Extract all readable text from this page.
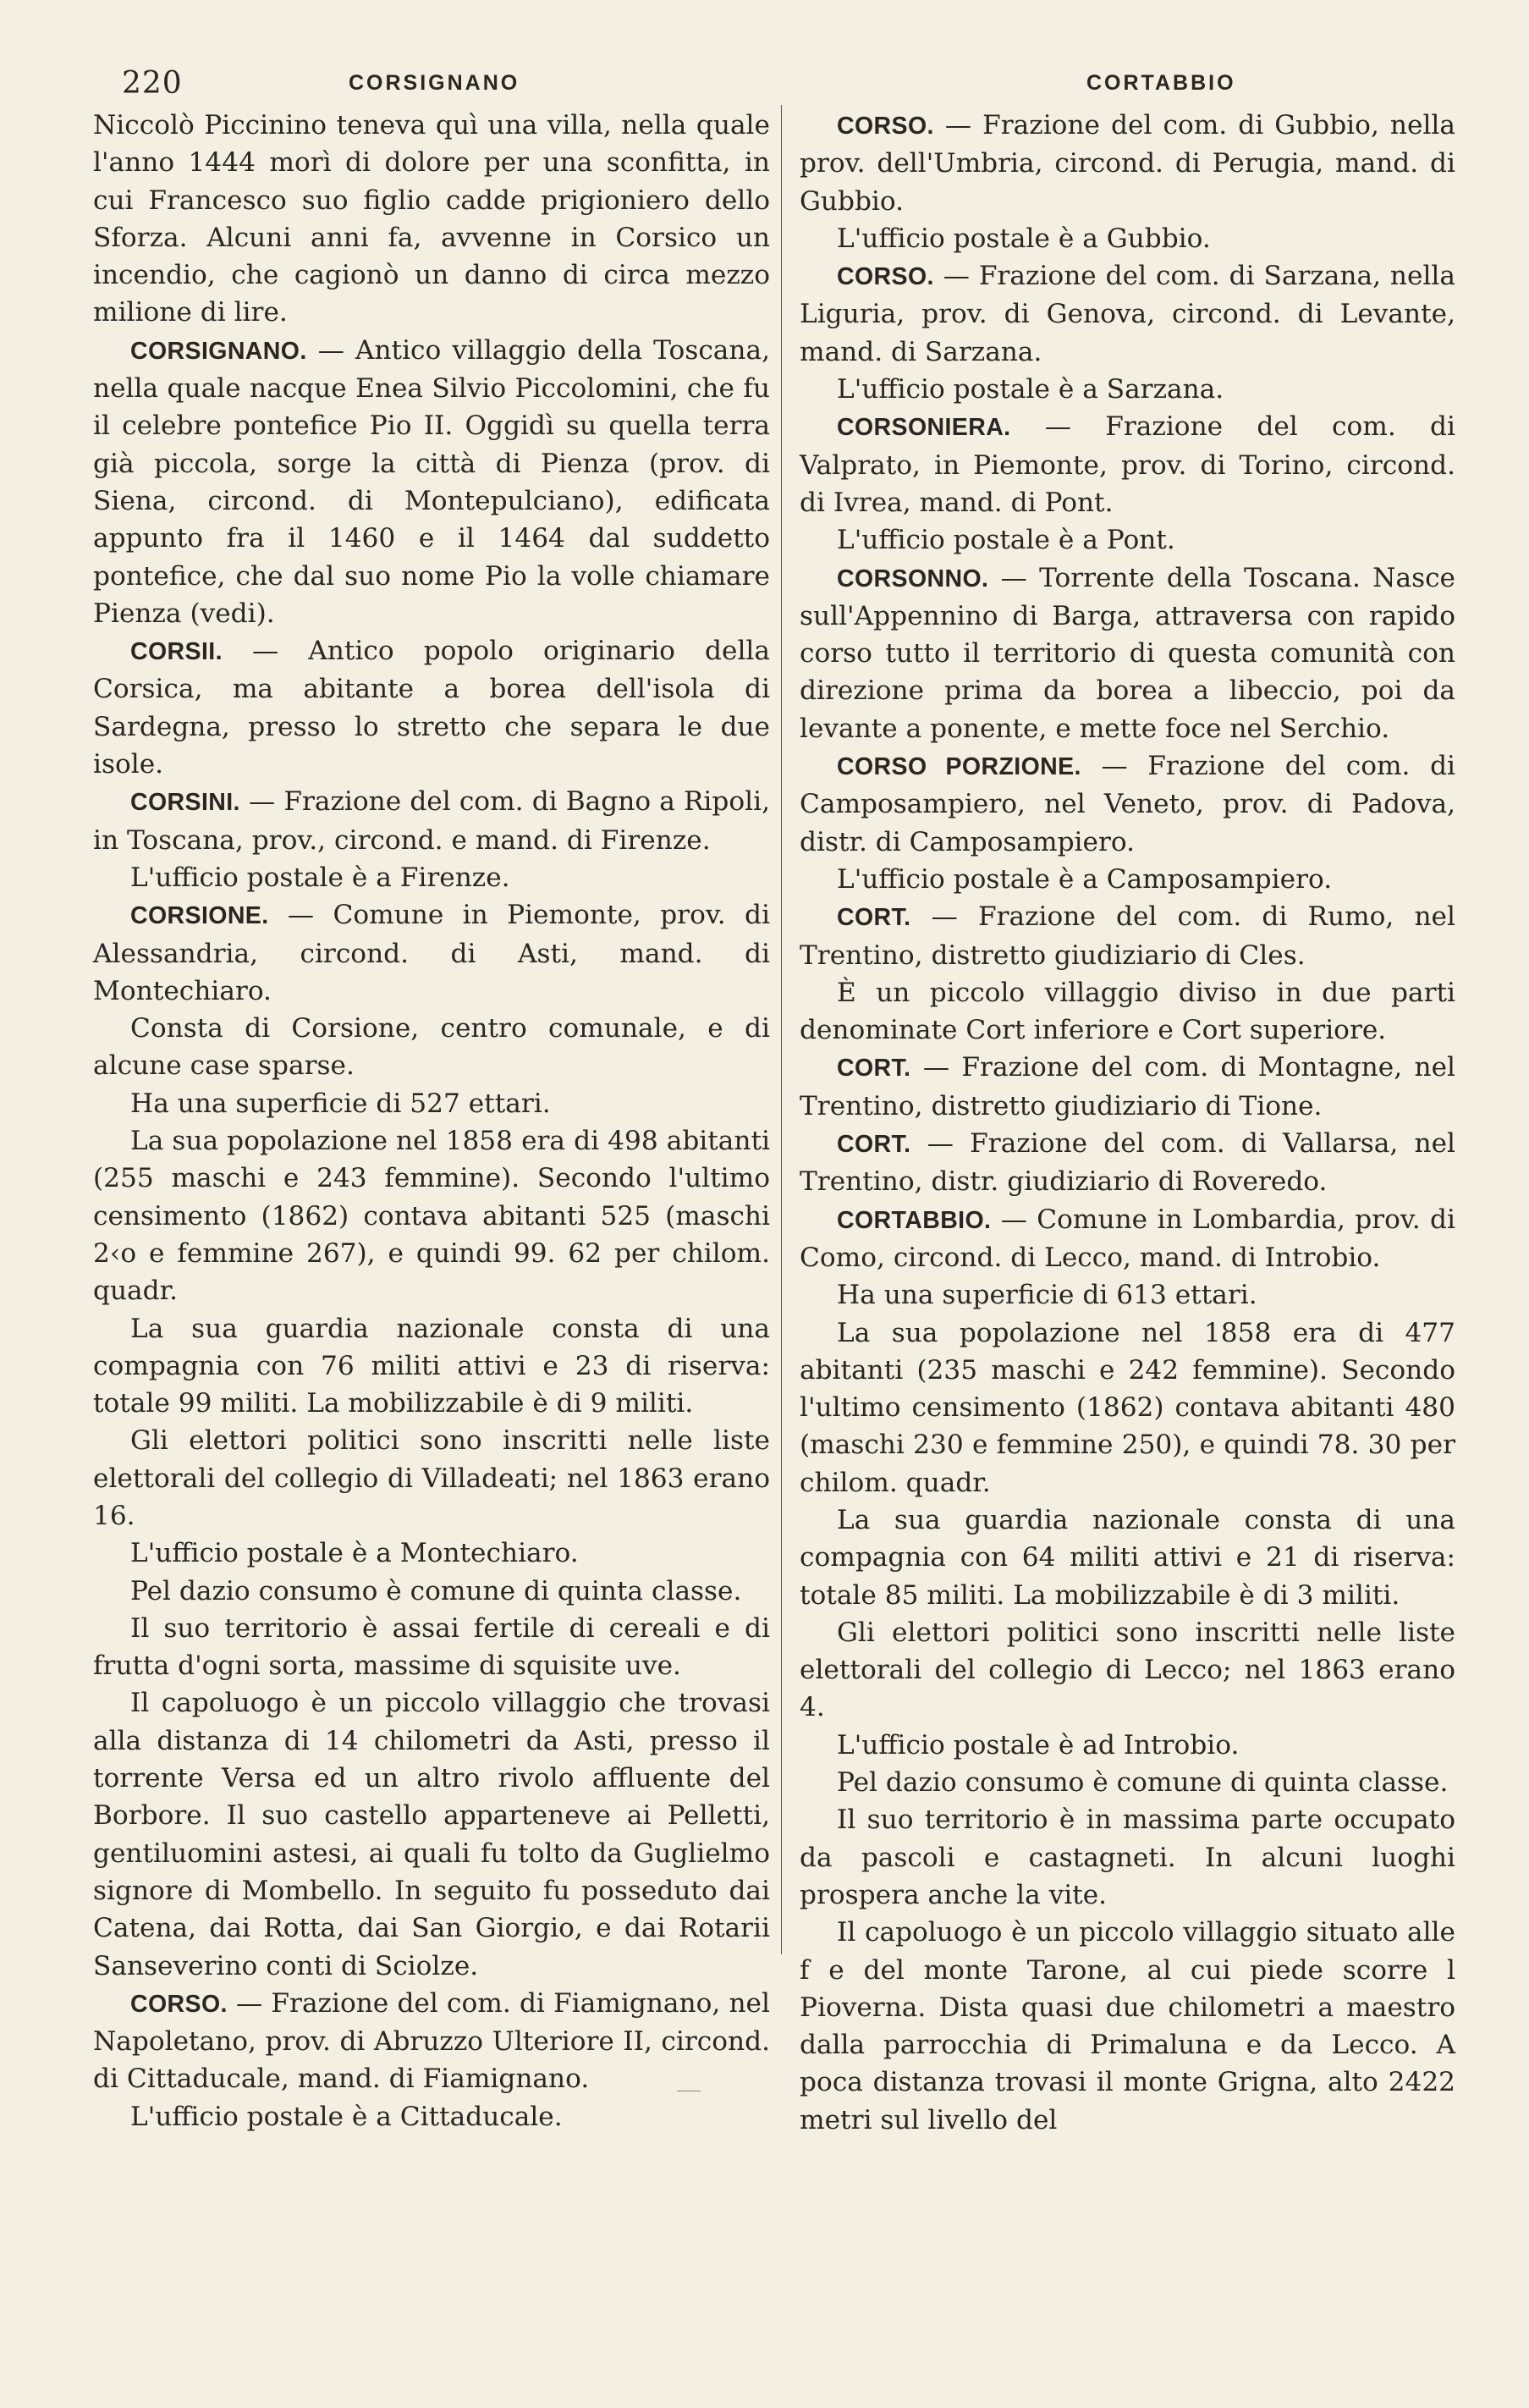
220	CORSIGNANO	CORTABBIO

Niccolò Piccinino teneva quì una villa, nella quale l'anno 1444 morì di dolore per una sconfitta, in cui Francesco suo figlio cadde prigioniero dello Sforza. Alcuni anni fa, avvenne in Corsico un incendio, che cagionò un danno di circa mezzo milione di lire.

CORSIGNANO. — Antico villaggio della Toscana, nella quale nacque Enea Silvio Piccolomini, che fu il celebre pontefice Pio II. Oggidì su quella terra già piccola, sorge la città di Pienza (prov. di Siena, circond. di Montepulciano), edificata appunto fra il 1460 e il 1464 dal suddetto pontefice, che dal suo nome Pio la volle chiamare Pienza (vedi).

CORSII. — Antico popolo originario della Corsica, ma abitante a borea dell'isola di Sardegna, presso lo stretto che separa le due isole.

CORSINI. — Frazione del com. di Bagno a Ripoli, in Toscana, prov., circond. e mand. di Firenze.

L'ufficio postale è a Firenze.

CORSIONE. — Comune in Piemonte, prov. di Alessandria, circond. di Asti, mand. di Montechiaro.

Consta di Corsione, centro comunale, e di alcune case sparse.

Ha una superficie di 527 ettari.

La sua popolazione nel 1858 era di 498 abitanti (255 maschi e 243 femmine). Secondo l'ultimo censimento (1862) contava abitanti 525 (maschi 2‹o e femmine 267), e quindi 99. 62 per chilom. quadr.

La sua guardia nazionale consta di una compagnia con 76 militi attivi e 23 di riserva: totale 99 militi. La mobilizzabile è di 9 militi.

Gli elettori politici sono inscritti nelle liste elettorali del collegio di Villadeati; nel 1863 erano 16.

L'ufficio postale è a Montechiaro.

Pel dazio consumo è comune di quinta classe.

Il suo territorio è assai fertile di cereali e di frutta d'ogni sorta, massime di squisite uve.

Il capoluogo è un piccolo villaggio che trovasi alla distanza di 14 chilometri da Asti, presso il torrente Versa ed un altro rivolo affluente del Borbore. Il suo castello apparteneve ai Pelletti, gentiluomini astesi, ai quali fu tolto da Guglielmo signore di Mombello. In seguito fu posseduto dai Catena, dai Rotta, dai San Giorgio, e dai Rotarii Sanseverino conti di Sciolze.

CORSO. — Frazione del com. di Fiamignano, nel Napoletano, prov. di Abruzzo Ulteriore II, circond. di Cittaducale, mand. di Fiamignano.

L'ufficio postale è a Cittaducale.

CORSO. — Frazione del com. di Gubbio, nella prov. dell'Umbria, circond. di Perugia, mand. di Gubbio.

L'ufficio postale è a Gubbio.

CORSO. — Frazione del com. di Sarzana, nella Liguria, prov. di Genova, circond. di Levante, mand. di Sarzana.

L'ufficio postale è a Sarzana.

CORSONIERA. — Frazione del com. di Valprato, in Piemonte, prov. di Torino, circond. di Ivrea, mand. di Pont.

L'ufficio postale è a Pont.

CORSONNO. — Torrente della Toscana. Nasce sull'Appennino di Barga, attraversa con rapido corso tutto il territorio di questa comunità con direzione prima da borea a libeccio, poi da levante a ponente, e mette foce nel Serchio.

CORSO PORZIONE. — Frazione del com. di Camposampiero, nel Veneto, prov. di Padova, distr. di Camposampiero.

L'ufficio postale è a Camposampiero.

CORT. — Frazione del com. di Rumo, nel Trentino, distretto giudiziario di Cles.

È un piccolo villaggio diviso in due parti denominate Cort inferiore e Cort superiore.

CORT. — Frazione del com. di Montagne, nel Trentino, distretto giudiziario di Tione.

CORT. — Frazione del com. di Vallarsa, nel Trentino, distr. giudiziario di Roveredo.

CORTABBIO. — Comune in Lombardia, prov. di Como, circond. di Lecco, mand. di Introbio.

Ha una superficie di 613 ettari.

La sua popolazione nel 1858 era di 477 abitanti (235 maschi e 242 femmine). Secondo l'ultimo censimento (1862) contava abitanti 480 (maschi 230 e femmine 250), e quindi 78. 30 per chilom. quadr.

La sua guardia nazionale consta di una compagnia con 64 militi attivi e 21 di riserva: totale 85 militi. La mobilizzabile è di 3 militi.

Gli elettori politici sono inscritti nelle liste elettorali del collegio di Lecco; nel 1863 erano 4.

L'ufficio postale è ad Introbio.

Pel dazio consumo è comune di quinta classe.

Il suo territorio è in massima parte occupato da pascoli e castagneti. In alcuni luoghi prospera anche la vite.

Il capoluogo è un piccolo villaggio situato alle f e del monte Tarone, al cui piede scorre l Pioverna. Dista quasi due chilometri a maestro dalla parrocchia di Primaluna e da Lecco. A poca distanza trovasi il monte Grigna, alto 2422 metri sul livello del
